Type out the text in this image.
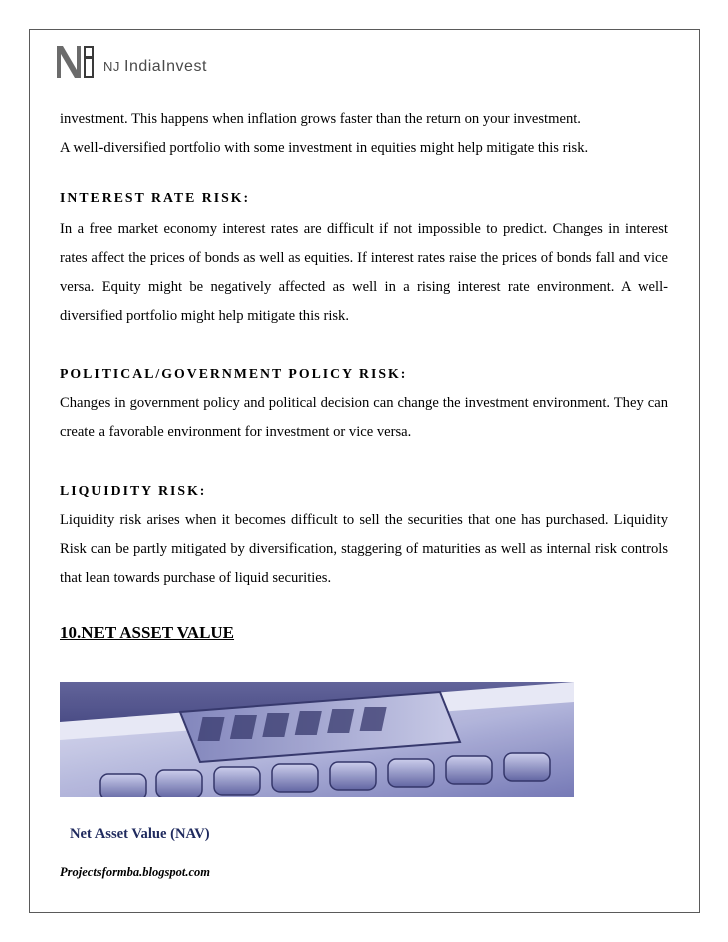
NJ IndiaInvest
investment. This happens when inflation grows faster than the return on your investment.
A well-diversified portfolio with some investment in equities might help mitigate this risk.
INTEREST RATE RISK:
In a free market economy interest rates are difficult if not impossible to predict. Changes in interest rates affect the prices of bonds as well as equities. If interest rates raise the prices of bonds fall and vice versa. Equity might be negatively affected as well in a rising interest rate environment. A well-diversified portfolio might help mitigate this risk.
POLITICAL/GOVERNMENT POLICY RISK:
Changes in government policy and political decision can change the investment environment. They can create a favorable environment for investment or vice versa.
LIQUIDITY RISK:
Liquidity risk arises when it becomes difficult to sell the securities that one has purchased. Liquidity Risk can be partly mitigated by diversification, staggering of maturities as well as internal risk controls that lean towards purchase of liquid securities.
10.NET ASSET VALUE
Net Asset Value (NAV)
Projectsformba.blogspot.com
